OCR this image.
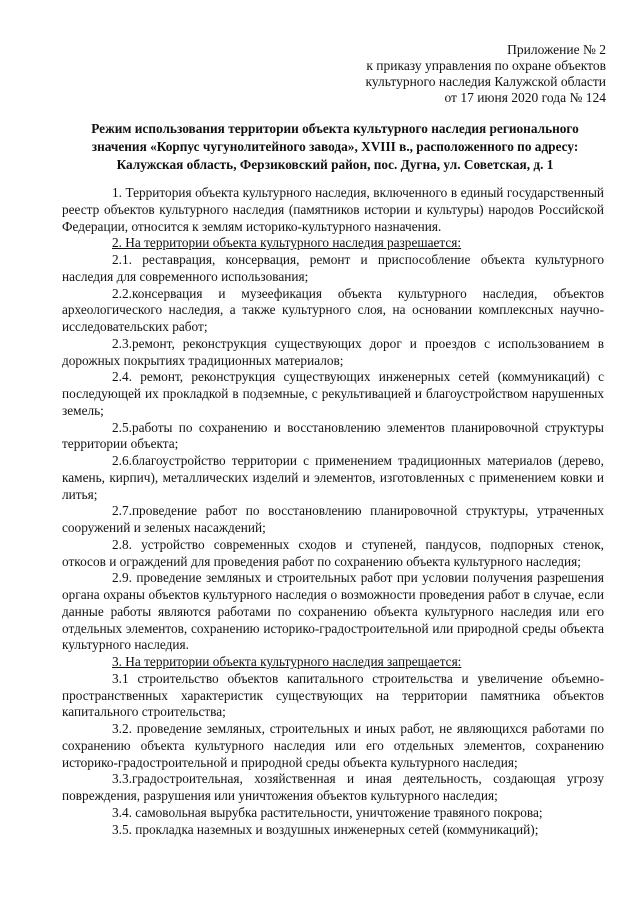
Приложение № 2
к приказу управления по охране объектов
культурного наследия Калужской области
от 17 июня 2020 года № 124
Режим использования территории объекта культурного наследия регионального
значения «Корпус чугунолитейного завода», XVIII в., расположенного по адресу:
Калужская область, Ферзиковский район, пос. Дугна, ул. Советская, д. 1

1. Территория объекта культурного наследия, включенного в единый государственный реестр объектов культурного наследия (памятников истории и культуры) народов Российской Федерации, относится к землям историко-культурного назначения.

2. На территории объекта культурного наследия разрешается:

2.1. реставрация, консервация, ремонт и приспособление объекта культурного наследия для современного использования;

2.2.консервация и музеефикация объекта культурного наследия, объектов археологического наследия, а также культурного слоя, на основании комплексных научно-исследовательских работ;

2.3.ремонт, реконструкция существующих дорог и проездов с использованием в дорожных покрытиях традиционных материалов;

2.4. ремонт, реконструкция существующих инженерных сетей (коммуникаций) с последующей их прокладкой в подземные, с рекультивацией и благоустройством нарушенных земель;

2.5.работы по сохранению и восстановлению элементов планировочной структуры территории объекта;

2.6.благоустройство территории с применением традиционных материалов (дерево, камень, кирпич), металлических изделий и элементов, изготовленных с применением ковки и литья;

2.7.проведение работ по восстановлению планировочной структуры, утраченных сооружений и зеленых насаждений;

2.8. устройство современных сходов и ступеней, пандусов, подпорных стенок, откосов и ограждений для проведения работ по сохранению объекта культурного наследия;

2.9. проведение земляных и строительных работ при условии получения разрешения органа охраны объектов культурного наследия о возможности проведения работ в случае, если данные работы являются работами по сохранению объекта культурного наследия или его отдельных элементов, сохранению историко-градостроительной или природной среды объекта культурного наследия.

3. На территории объекта культурного наследия запрещается:

3.1 строительство объектов капитального строительства и увеличение объемно-пространственных характеристик существующих на территории памятника объектов капитального строительства;

3.2. проведение земляных, строительных и иных работ, не являющихся работами по сохранению объекта культурного наследия или его отдельных элементов, сохранению историко-градостроительной и природной среды объекта культурного наследия;

3.3.градостроительная, хозяйственная и иная деятельность, создающая угрозу повреждения, разрушения или уничтожения объектов культурного наследия;

3.4. самовольная вырубка растительности, уничтожение травяного покрова;

3.5. прокладка наземных и воздушных инженерных сетей (коммуникаций);
